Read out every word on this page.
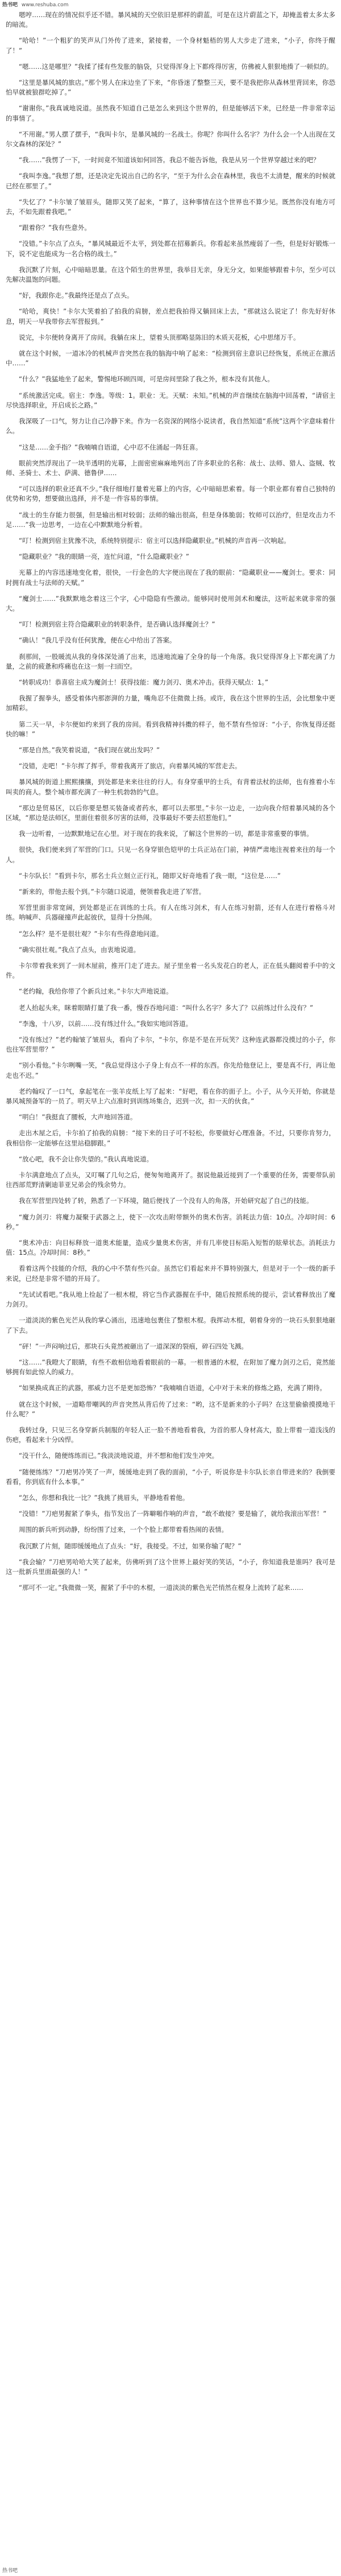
热书吧 www.reshuba.com

嗯哼……现在的情况似乎还不错。暴风城的天空依旧是那样的蔚蓝，可是在这片蔚蓝之下，却掩盖着太多太多的暗流。

“哈哈！”一个粗犷的笑声从门外传了进来，紧接着，一个身材魁梧的男人大步走了进来，“小子，你终于醒了！”

“嗯……这是哪里？”我揉了揉有些发胀的脑袋，只觉得浑身上下都疼得厉害，仿佛被人狠狠地揍了一顿似的。

“这里是暴风城的旅店。”那个男人在床边坐了下来，“你昏迷了整整三天，要不是我把你从森林里背回来，你恐怕早就被狼群吃掉了。”

“谢谢你。”我真诚地说道。虽然我不知道自己是怎么来到这个世界的，但是能够活下来，已经是一件非常幸运的事情了。

“不用谢。”男人摆了摆手，“我叫卡尔，是暴风城的一名战士。你呢？你叫什么名字？为什么会一个人出现在艾尔文森林的深处？”

“我……”我愣了一下，一时间竟不知道该如何回答。我总不能告诉他，我是从另一个世界穿越过来的吧？

“我叫李逸。”我想了想，还是决定先说出自己的名字，“至于为什么会在森林里，我也不太清楚，醒来的时候就已经在那里了。”

“失忆了？”卡尔皱了皱眉头，随即又笑了起来，“算了，这种事情在这个世界也不算少见。既然你没有地方可去，不如先跟着我吧。”

“跟着你？”我有些意外。

“没错。”卡尔点了点头，“暴风城最近不太平，到处都在招募新兵。你看起来虽然瘦弱了一些，但是好好锻炼一下，说不定也能成为一名合格的战士。”

我沉默了片刻，心中暗暗思量。在这个陌生的世界里，我举目无亲，身无分文，如果能够跟着卡尔，至少可以先解决温饱的问题。

“好，我跟你走。”我最终还是点了点头。

“哈哈，爽快！”卡尔大笑着拍了拍我的肩膀，差点把我拍得又躺回床上去，“那就这么说定了！你先好好休息，明天一早我带你去军营报到。”

说完，卡尔便转身离开了房间。我躺在床上，望着头顶那略显陈旧的木质天花板，心中思绪万千。

就在这个时候，一道冰冷的机械声音突然在我的脑海中响了起来：“检测到宿主意识已经恢复，系统正在激活中……”

“什么？”我猛地坐了起来，警惕地环顾四周，可是房间里除了我之外，根本没有其他人。

“系统激活完成。宿主：李逸。等级：1。职业：无。天赋：未知。”机械的声音继续在脑海中回荡着，“请宿主尽快选择职业，开启成长之路。”

我深吸了一口气，努力让自己冷静下来。作为一名资深的网络小说读者，我自然知道“系统”这两个字意味着什么。

“这是……金手指？”我喃喃自语道，心中忍不住涌起一阵狂喜。

眼前突然浮现出了一块半透明的光幕，上面密密麻麻地列出了许多职业的名称：战士、法师、猎人、盗贼、牧师、圣骑士、术士、萨满、德鲁伊……

“可以选择的职业还真不少。”我仔细地打量着光幕上的内容，心中暗暗思索着。每一个职业都有着自己独特的优势和劣势，想要做出选择，并不是一件容易的事情。

“战士的生存能力很强，但是输出相对较弱；法师的输出很高，但是身体脆弱；牧师可以治疗，但是攻击力不足……”我一边思考，一边在心中默默地分析着。

“叮！检测到宿主犹豫不决，系统特别提示：宿主可以选择隐藏职业。”机械的声音再一次响起。

“隐藏职业？”我的眼睛一亮，连忙问道，“什么隐藏职业？”

光幕上的内容迅速地变化着，很快，一行金色的大字便出现在了我的眼前：“隐藏职业——魔剑士。要求：同时拥有战士与法师的天赋。”

“魔剑士……”我默默地念着这三个字，心中隐隐有些激动。能够同时使用剑术和魔法，这听起来就非常的强大。

“叮！检测到宿主符合隐藏职业的转职条件，是否确认选择魔剑士？”

“确认！”我几乎没有任何犹豫，便在心中给出了答案。

刹那间，一股暖流从我的身体深处涌了出来，迅速地流遍了全身的每一个角落。我只觉得浑身上下都充满了力量，之前的疲惫和疼痛也在这一刻一扫而空。

“转职成功！恭喜宿主成为魔剑士！获得技能：魔力剑刃、奥术冲击。获得天赋点：1。”

我握了握拳头，感受着体内那澎湃的力量，嘴角忍不住微微上扬。或许，我在这个世界的生活，会比想象中更加精彩。

第二天一早，卡尔便如约来到了我的房间。看到我精神抖擞的样子，他不禁有些惊讶：“小子，你恢复得还挺快的嘛！”

“那是自然。”我笑着说道，“我们现在就出发吗？”

“没错，走吧！”卡尔挥了挥手，带着我离开了旅店，向着暴风城的军营走去。

暴风城的街道上熙熙攘攘，到处都是来来往往的行人。有身穿重甲的士兵，有背着法杖的法师，也有推着小车叫卖的商人。整个城市都充满了一种生机勃勃的气息。

“那边是贸易区，以后你要是想买装备或者药水，都可以去那里。”卡尔一边走，一边向我介绍着暴风城的各个区域，“那边是法师区，里面住着很多厉害的法师，没事最好不要去招惹他们。”

我一边听着，一边默默地记在心里。对于现在的我来说，了解这个世界的一切，都是非常重要的事情。

很快，我们便来到了军营的门口。只见一名身穿银色铠甲的士兵正站在门前，神情严肃地注视着来往的每一个人。

“卡尔队长！”看到卡尔，那名士兵立刻立正行礼，随即又好奇地看了我一眼，“这位是……”

“新来的，带他去报个到。”卡尔随口说道，便领着我走进了军营。

军营里面非常宽阔，到处都是正在训练的士兵。有人在练习剑术，有人在练习射箭，还有人在进行着格斗对练。呐喊声、兵器碰撞声此起彼伏，显得十分热闹。

“怎么样？是不是很壮观？”卡尔有些得意地问道。

“确实很壮观。”我点了点头，由衷地说道。

卡尔带着我来到了一间木屋前，推开门走了进去。屋子里坐着一名头发花白的老人，正在低头翻阅着手中的文件。

“老约翰，我给你带了个新兵过来。”卡尔大声地说道。

老人抬起头来，眯着眼睛打量了我一番，慢吞吞地问道：“叫什么名字？多大了？以前练过什么没有？”

“李逸，十八岁，以前……没有练过什么。”我如实地回答道。

“没有练过？”老约翰皱了皱眉头，看向了卡尔，“卡尔，你是不是在开玩笑？这种连武器都没摸过的小子，你也往军营里带？”

“别小看他。”卡尔咧嘴一笑，“我总觉得这小子身上有点不一样的东西。你先给他登记上，要是真不行，再让他走也不迟。”

老约翰叹了一口气，拿起笔在一张羊皮纸上写了起来：“好吧，看在你的面子上。小子，从今天开始，你就是暴风城预备军的一员了。明天早上六点准时到训练场集合，迟到一次，扣一天的伙食。”

“明白！”我挺直了腰板，大声地回答道。

走出木屋之后，卡尔拍了拍我的肩膀：“接下来的日子可不轻松，你要做好心理准备。不过，只要你肯努力，我相信你一定能够在这里站稳脚跟。”

“放心吧，我不会让你失望的。”我认真地说道。

卡尔满意地点了点头，又叮嘱了几句之后，便匆匆地离开了。据说他最近接到了一个重要的任务，需要带队前往西部荒野清剿迪菲亚兄弟会的残余势力。

我在军营里四处转了转，熟悉了一下环境，随后便找了一个没有人的角落，开始研究起了自己的技能。

“魔力剑刃：将魔力凝聚于武器之上，使下一次攻击附带额外的奥术伤害。消耗法力值：10点。冷却时间：6秒。”

“奥术冲击：向目标释放一道奥术能量，造成少量奥术伤害，并有几率使目标陷入短暂的眩晕状态。消耗法力值：15点。冷却时间：8秒。”

看着这两个技能的介绍，我的心中不禁有些兴奋。虽然它们看起来并不算特别强大，但是对于一个一级的新手来说，已经是非常不错的开局了。

“先试试看吧。”我从地上捡起了一根木棍，将它当作武器握在手中，随后按照系统的提示，尝试着释放出了魔力剑刃。

一道淡淡的紫色光芒从我的掌心涌出，迅速地包裹住了整根木棍。我挥动木棍，朝着身旁的一块石头狠狠地砸了下去。

“砰！”一声闷响过后，那块石头竟然被砸出了一道深深的裂痕，碎石四处飞溅。

“这……”我瞪大了眼睛，有些不敢相信地看着眼前的一幕。一根普通的木棍，在附加了魔力剑刃之后，竟然能够拥有如此惊人的威力。

“如果换成真正的武器，那威力岂不是更加恐怖？”我喃喃自语道，心中对于未来的修炼之路，充满了期待。

就在这个时候，一道略带嘲讽的声音突然从背后传了过来：“哟，这不是新来的小子吗？在这里偷偷摸摸地干什么呢？”

我转过身，只见三名身穿新兵制服的年轻人正一脸不善地看着我，为首的那人身材高大，脸上带着一道浅浅的伤疤，看起来十分凶悍。

“没干什么，随便练练而已。”我淡淡地说道，并不想和他们发生冲突。

“随便练练？”刀疤男冷笑了一声，缓缓地走到了我的面前，“小子，听说你是卡尔队长亲自带进来的？我倒要看看，你到底有什么本事。”

“怎么，你想和我比一比？”我挑了挑眉头，平静地看着他。

“没错！”刀疤男握紧了拳头，指节发出了一阵噼啪作响的声音，“敢不敢接？要是输了，就给我滚出军营！”

周围的新兵听到动静，纷纷围了过来，一个个脸上都带着看热闹的表情。

我沉默了片刻，随即缓缓地点了点头：“好，我接受。不过，如果你输了呢？”

“我会输？”刀疤男哈哈大笑了起来，仿佛听到了这个世界上最好笑的笑话，“小子，你知道我是谁吗？我可是这一批新兵里面最强的人！”

“那可不一定。”我微微一笑，握紧了手中的木棍，一道淡淡的紫色光芒悄然在棍身上流转了起来……

热书吧
